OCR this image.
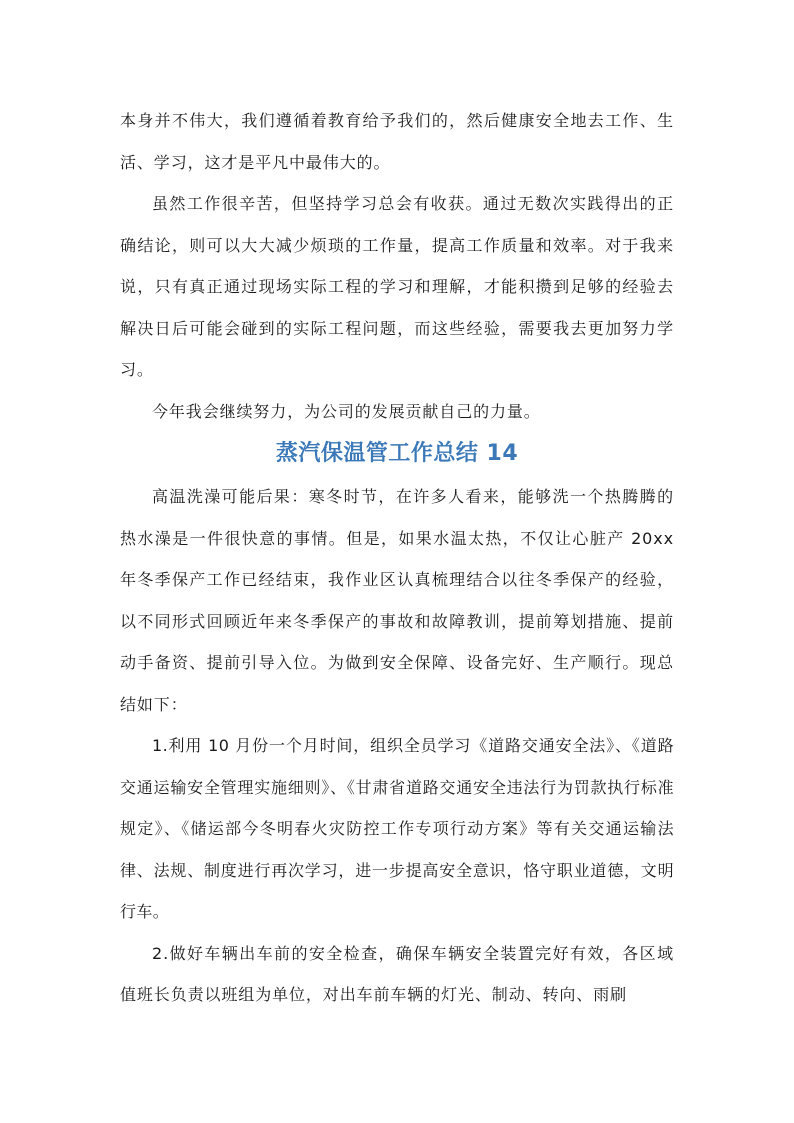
本身并不伟大，我们遵循着教育给予我们的，然后健康安全地去工作、生活、学习，这才是平凡中最伟大的。

虽然工作很辛苦，但坚持学习总会有收获。通过无数次实践得出的正确结论，则可以大大减少烦琐的工作量，提高工作质量和效率。对于我来说，只有真正通过现场实际工程的学习和理解，才能积攒到足够的经验去解决日后可能会碰到的实际工程问题，而这些经验，需要我去更加努力学习。

今年我会继续努力，为公司的发展贡献自己的力量。

蒸汽保温管工作总结 14

高温洗澡可能后果：寒冬时节，在许多人看来，能够洗一个热腾腾的热水澡是一件很快意的事情。但是，如果水温太热，不仅让心脏产 20xx 年冬季保产工作已经结束，我作业区认真梳理结合以往冬季保产的经验，以不同形式回顾近年来冬季保产的事故和故障教训，提前筹划措施、提前动手备资、提前引导入位。为做到安全保障、设备完好、生产顺行。现总结如下：

1.利用 10 月份一个月时间，组织全员学习《道路交通安全法》、《道路交通运输安全管理实施细则》、《甘肃省道路交通安全违法行为罚款执行标准规定》、《储运部今冬明春火灾防控工作专项行动方案》等有关交通运输法律、法规、制度进行再次学习，进一步提高安全意识，恪守职业道德，文明行车。

2.做好车辆出车前的安全检查，确保车辆安全装置完好有效，各区域值班长负责以班组为单位，对出车前车辆的灯光、制动、转向、雨刷
